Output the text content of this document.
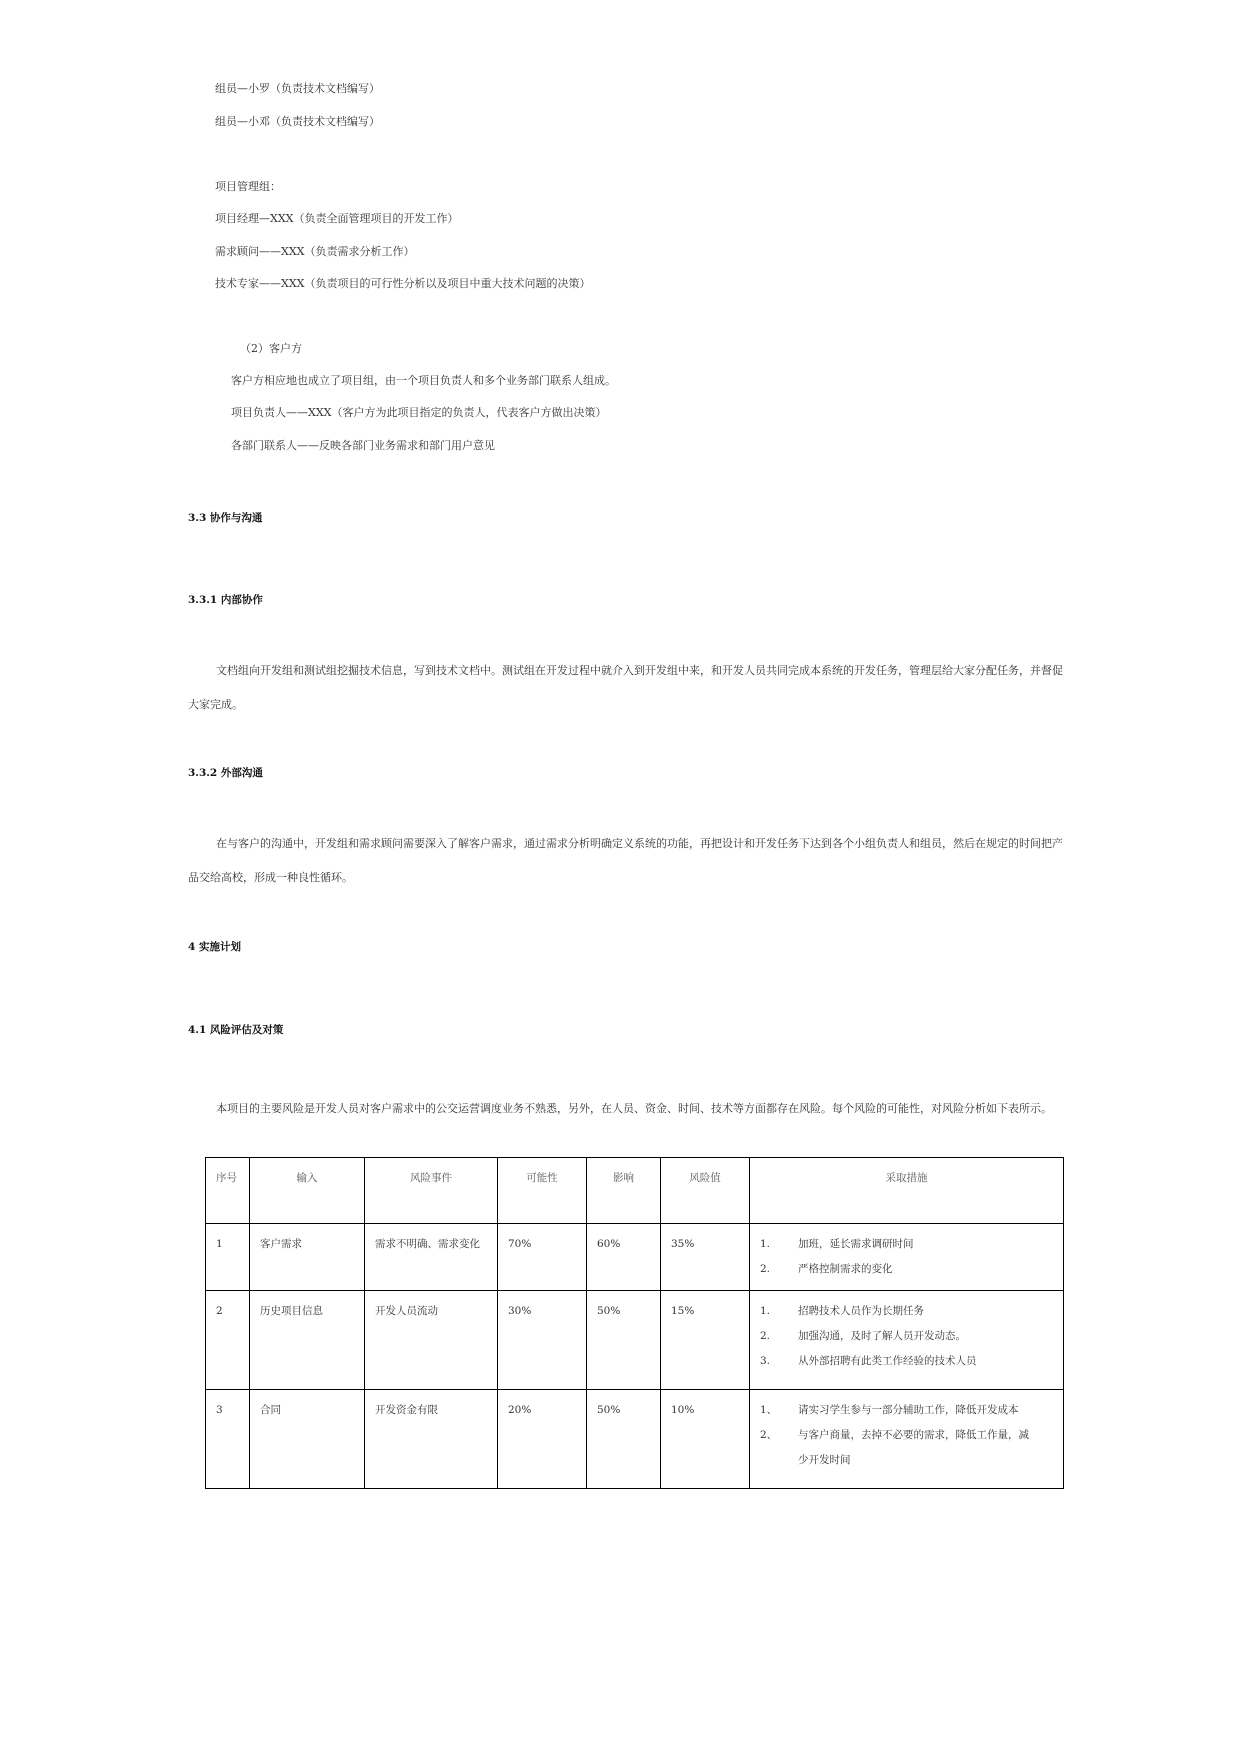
组员—小罗（负责技术文档编写）
组员—小邓（负责技术文档编写）
项目管理组：
项目经理—XXX（负责全面管理项目的开发工作）
需求顾问——XXX（负责需求分析工作）
技术专家——XXX（负责项目的可行性分析以及项目中重大技术问题的决策）
（2）客户方
客户方相应地也成立了项目组，由一个项目负责人和多个业务部门联系人组成。
项目负责人——XXX（客户方为此项目指定的负责人，代表客户方做出决策）
各部门联系人——反映各部门业务需求和部门用户意见
3.3 协作与沟通
3.3.1 内部协作
文档组向开发组和测试组挖掘技术信息，写到技术文档中。测试组在开发过程中就介入到开发组中来，和开发人员共同完成本系统的开发任务，管理层给大家分配任务，并督促大家完成。
3.3.2 外部沟通
在与客户的沟通中，开发组和需求顾问需要深入了解客户需求，通过需求分析明确定义系统的功能，再把设计和开发任务下达到各个小组负责人和组员，然后在规定的时间把产品交给高校，形成一种良性循环。
4 实施计划
4.1 风险评估及对策
本项目的主要风险是开发人员对客户需求中的公交运营调度业务不熟悉，另外，在人员、资金、时间、技术等方面都存在风险。每个风险的可能性，对风险分析如下表所示。
序号	输入	风险事件	可能性	影响	风险值	采取措施
1	客户需求	需求不明确、需求变化	70%	60%	35%	1. 加班，延长需求调研时间
2. 严格控制需求的变化

2	历史项目信息	开发人员流动	30%	50%	15%	1. 招聘技术人员作为长期任务
2. 加强沟通，及时了解人员开发动态。
3. 从外部招聘有此类工作经验的技术人员

3	合同	开发资金有限	20%	50%	10%	1、 请实习学生参与一部分辅助工作，降低开发成本
2、 与客户商量，去掉不必要的需求，降低工作量，减
少开发时间
